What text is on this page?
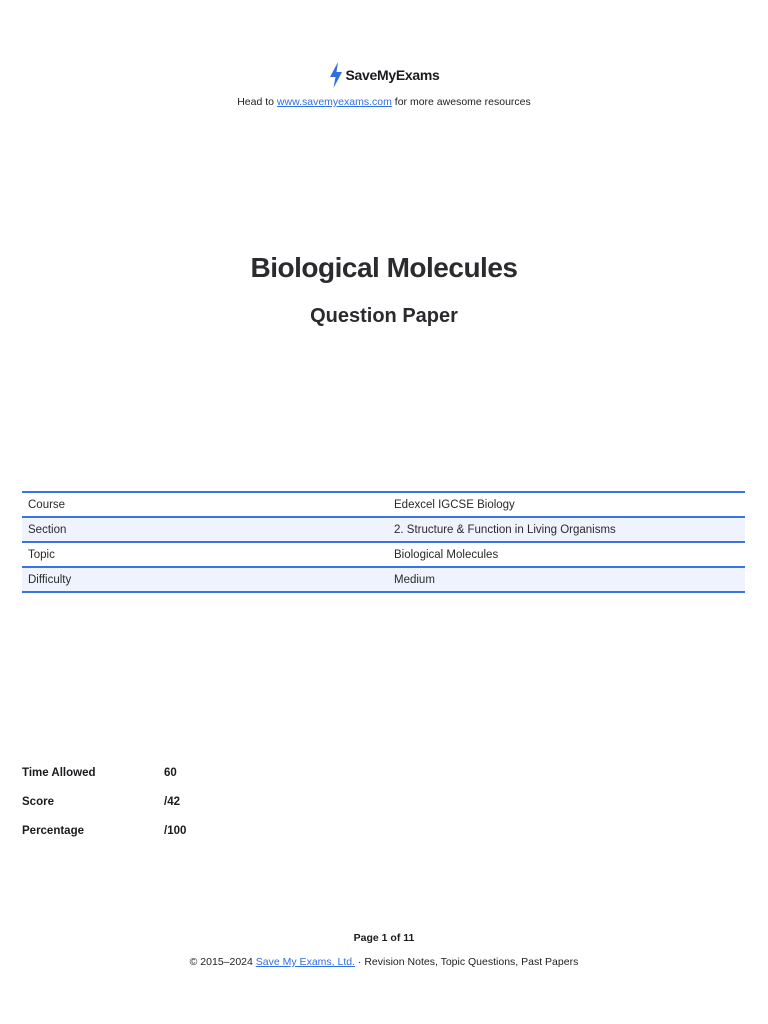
SaveMyExams
Head to www.savemyexams.com for more awesome resources
Biological Molecules
Question Paper
Course	Edexcel IGCSE Biology
Section	2. Structure & Function in Living Organisms
Topic	Biological Molecules
Difficulty	Medium
Time Allowed	60
Score	/42
Percentage	/100
Page 1 of 11
© 2015–2024 Save My Exams, Ltd. · Revision Notes, Topic Questions, Past Papers
